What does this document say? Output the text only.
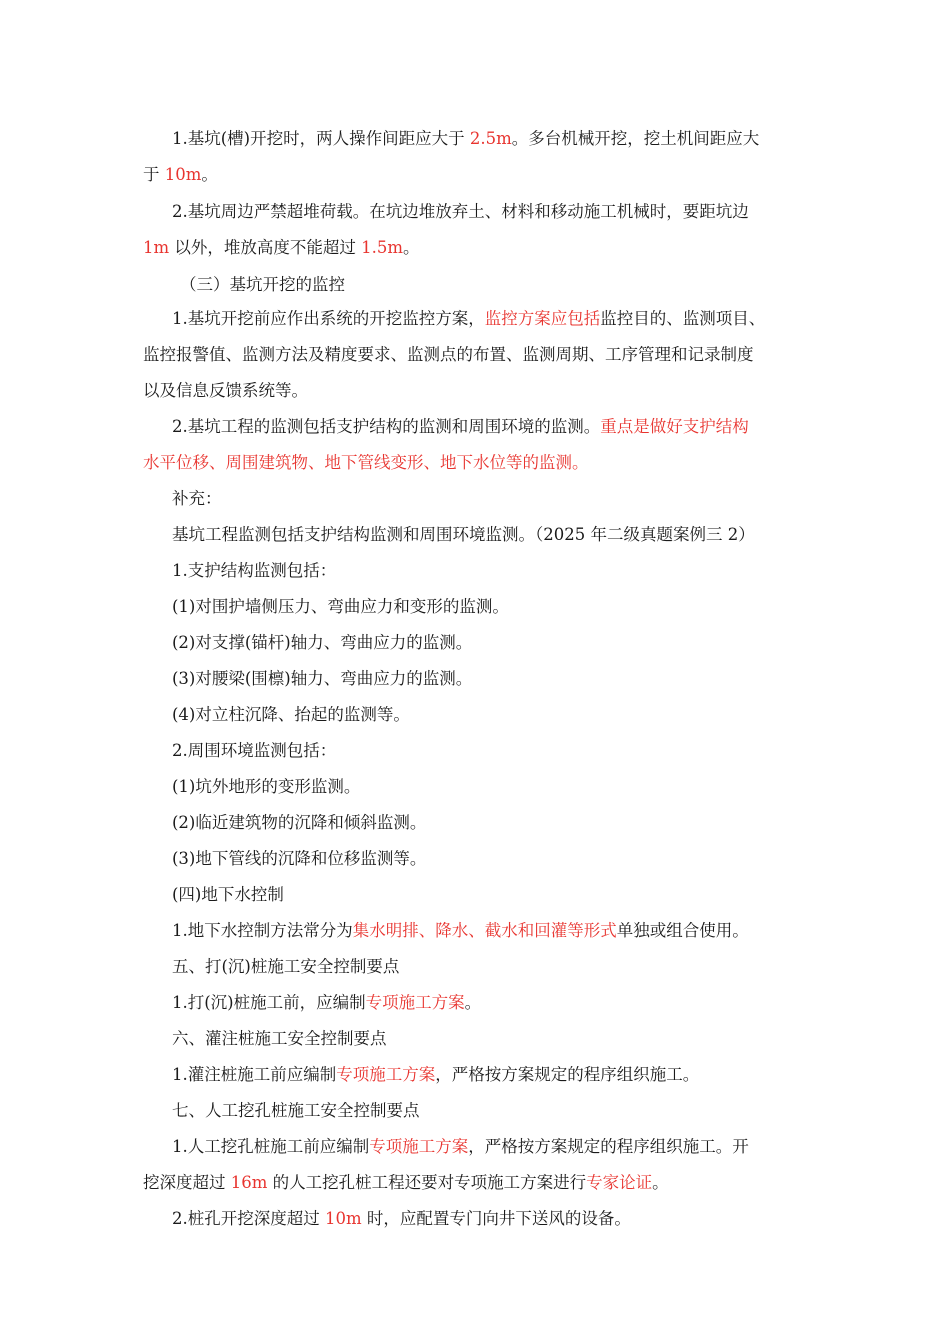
1.基坑(槽)开挖时，两人操作间距应大于 2.5m。多台机械开挖，挖土机间距应大
于 10m。
2.基坑周边严禁超堆荷载。在坑边堆放弃土、材料和移动施工机械时，要距坑边
1m 以外，堆放高度不能超过 1.5m。
（三）基坑开挖的监控
1.基坑开挖前应作出系统的开挖监控方案，监控方案应包括监控目的、监测项目、
监控报警值、监测方法及精度要求、监测点的布置、监测周期、工序管理和记录制度
以及信息反馈系统等。
2.基坑工程的监测包括支护结构的监测和周围环境的监测。重点是做好支护结构
水平位移、周围建筑物、地下管线变形、地下水位等的监测。
补充：
基坑工程监测包括支护结构监测和周围环境监测。（2025 年二级真题案例三 2）
1.支护结构监测包括：
(1)对围护墙侧压力、弯曲应力和变形的监测。
(2)对支撑(锚杆)轴力、弯曲应力的监测。
(3)对腰梁(围檩)轴力、弯曲应力的监测。
(4)对立柱沉降、抬起的监测等。
2.周围环境监测包括：
(1)坑外地形的变形监测。
(2)临近建筑物的沉降和倾斜监测。
(3)地下管线的沉降和位移监测等。
(四)地下水控制
1.地下水控制方法常分为集水明排、降水、截水和回灌等形式单独或组合使用。
五、打(沉)桩施工安全控制要点
1.打(沉)桩施工前，应编制专项施工方案。
六、灌注桩施工安全控制要点
1.灌注桩施工前应编制专项施工方案，严格按方案规定的程序组织施工。
七、人工挖孔桩施工安全控制要点
1.人工挖孔桩施工前应编制专项施工方案，严格按方案规定的程序组织施工。开
挖深度超过 16m 的人工挖孔桩工程还要对专项施工方案进行专家论证。
2.桩孔开挖深度超过 10m 时，应配置专门向井下送风的设备。
